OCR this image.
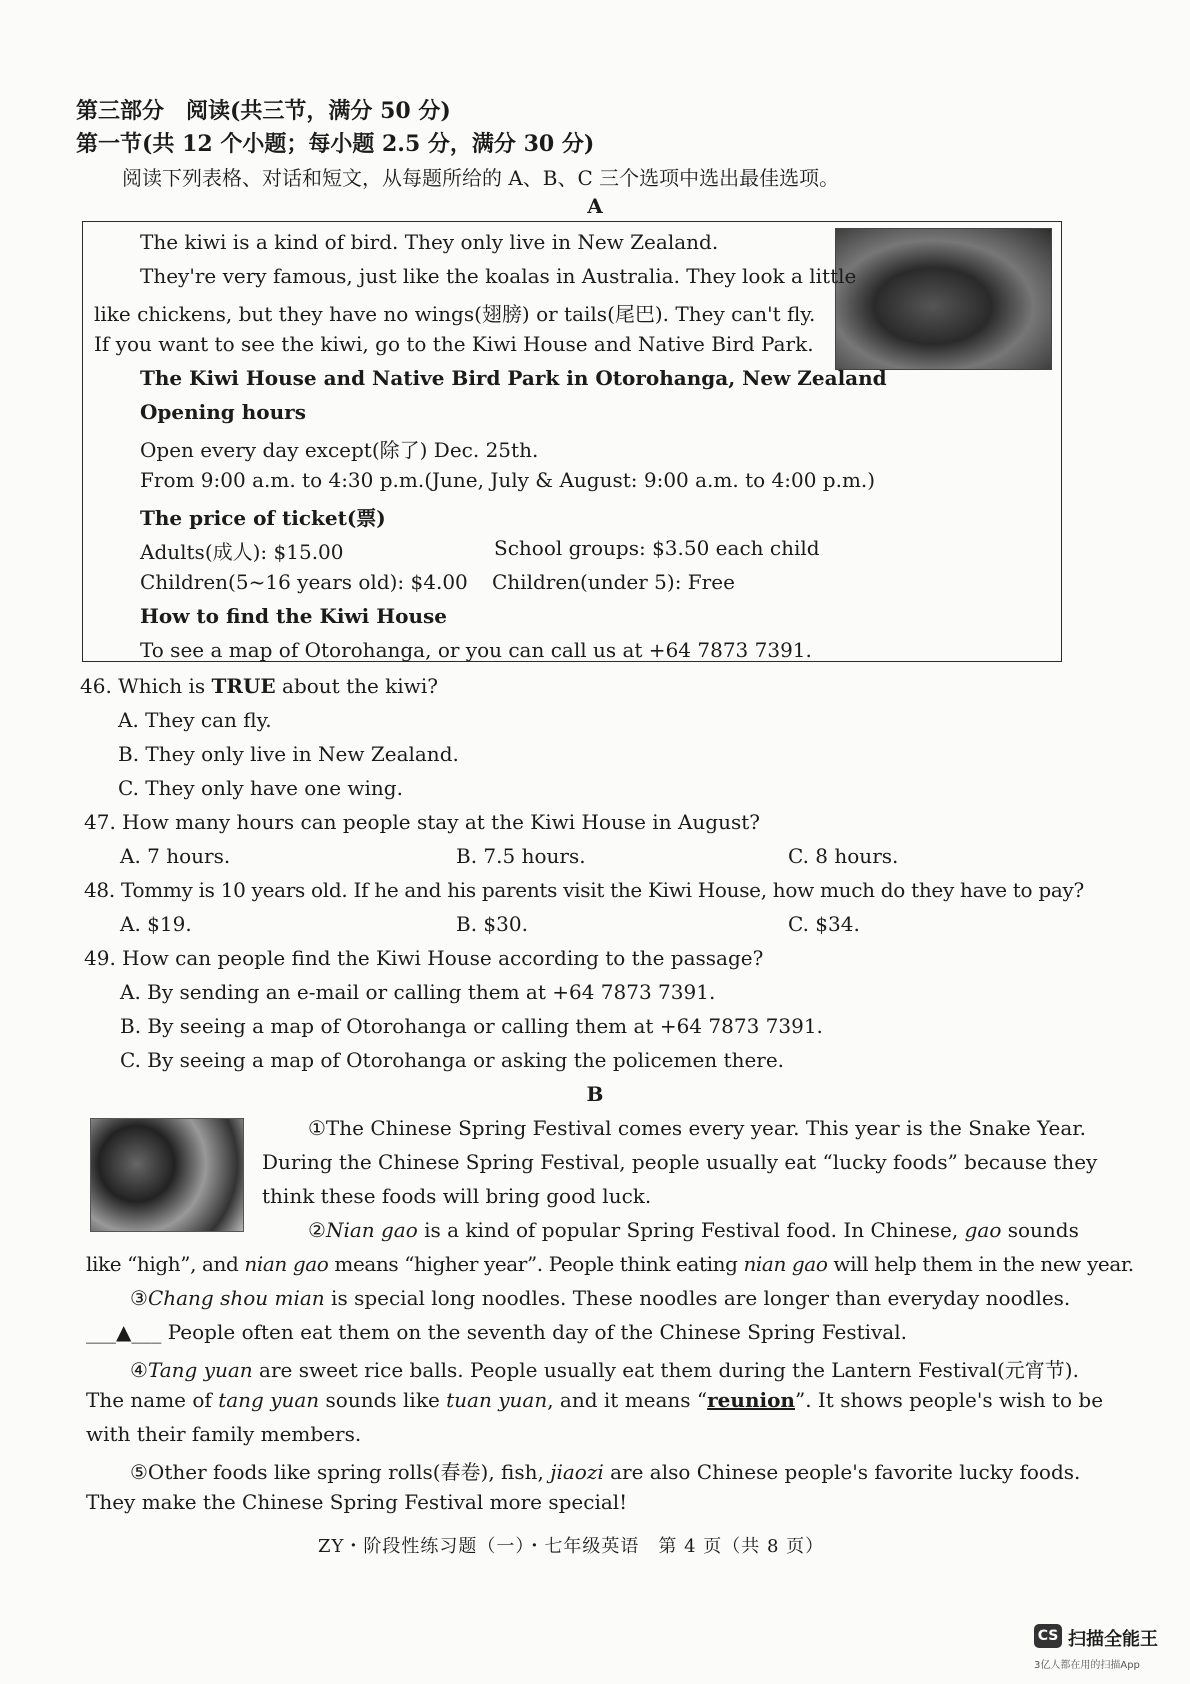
第三部分　阅读(共三节，满分 50 分)
第一节(共 12 个小题；每小题 2.5 分，满分 30 分)
阅读下列表格、对话和短文，从每题所给的 A、B、C 三个选项中选出最佳选项。
A
The kiwi is a kind of bird. They only live in New Zealand.
They're very famous, just like the koalas in Australia. They look a little
like chickens, but they have no wings(翅膀) or tails(尾巴). They can't fly.
If you want to see the kiwi, go to the Kiwi House and Native Bird Park.
The Kiwi House and Native Bird Park in Otorohanga, New Zealand
Opening hours
Open every day except(除了) Dec. 25th.
From 9:00 a.m. to 4:30 p.m.(June, July & August: 9:00 a.m. to 4:00 p.m.)
The price of ticket(票)
Adults(成人): $15.00	School groups: $3.50 each child
Children(5~16 years old): $4.00 Children(under 5): Free
How to find the Kiwi House
To see a map of Otorohanga, or you can call us at +64 7873 7391.
46. Which is TRUE about the kiwi?
A. They can fly.
B. They only live in New Zealand.
C. They only have one wing.
47. How many hours can people stay at the Kiwi House in August?
A. 7 hours.	B. 7.5 hours.	C. 8 hours.
48. Tommy is 10 years old. If he and his parents visit the Kiwi House, how much do they have to pay?
A. $19.	B. $30.	C. $34.
49. How can people find the Kiwi House according to the passage?
A. By sending an e-mail or calling them at +64 7873 7391.
B. By seeing a map of Otorohanga or calling them at +64 7873 7391.
C. By seeing a map of Otorohanga or asking the policemen there.
B
①The Chinese Spring Festival comes every year. This year is the Snake Year.
During the Chinese Spring Festival, people usually eat “lucky foods” because they
think these foods will bring good luck.
②Nian gao is a kind of popular Spring Festival food. In Chinese, gao sounds
like “high”, and nian gao means “higher year”. People think eating nian gao will help them in the new year.
③Chang shou mian is special long noodles. These noodles are longer than everyday noodles.
___▲___ People often eat them on the seventh day of the Chinese Spring Festival.
④Tang yuan are sweet rice balls. People usually eat them during the Lantern Festival(元宵节).
The name of tang yuan sounds like tuan yuan, and it means “reunion”. It shows people's wish to be
with their family members.
⑤Other foods like spring rolls(春卷), fish, jiaozi are also Chinese people's favorite lucky foods.
They make the Chinese Spring Festival more special!
ZY・阶段性练习题（一）・七年级英语　第 4 页（共 8 页）
CS 扫描全能王
3亿人都在用的扫描App
